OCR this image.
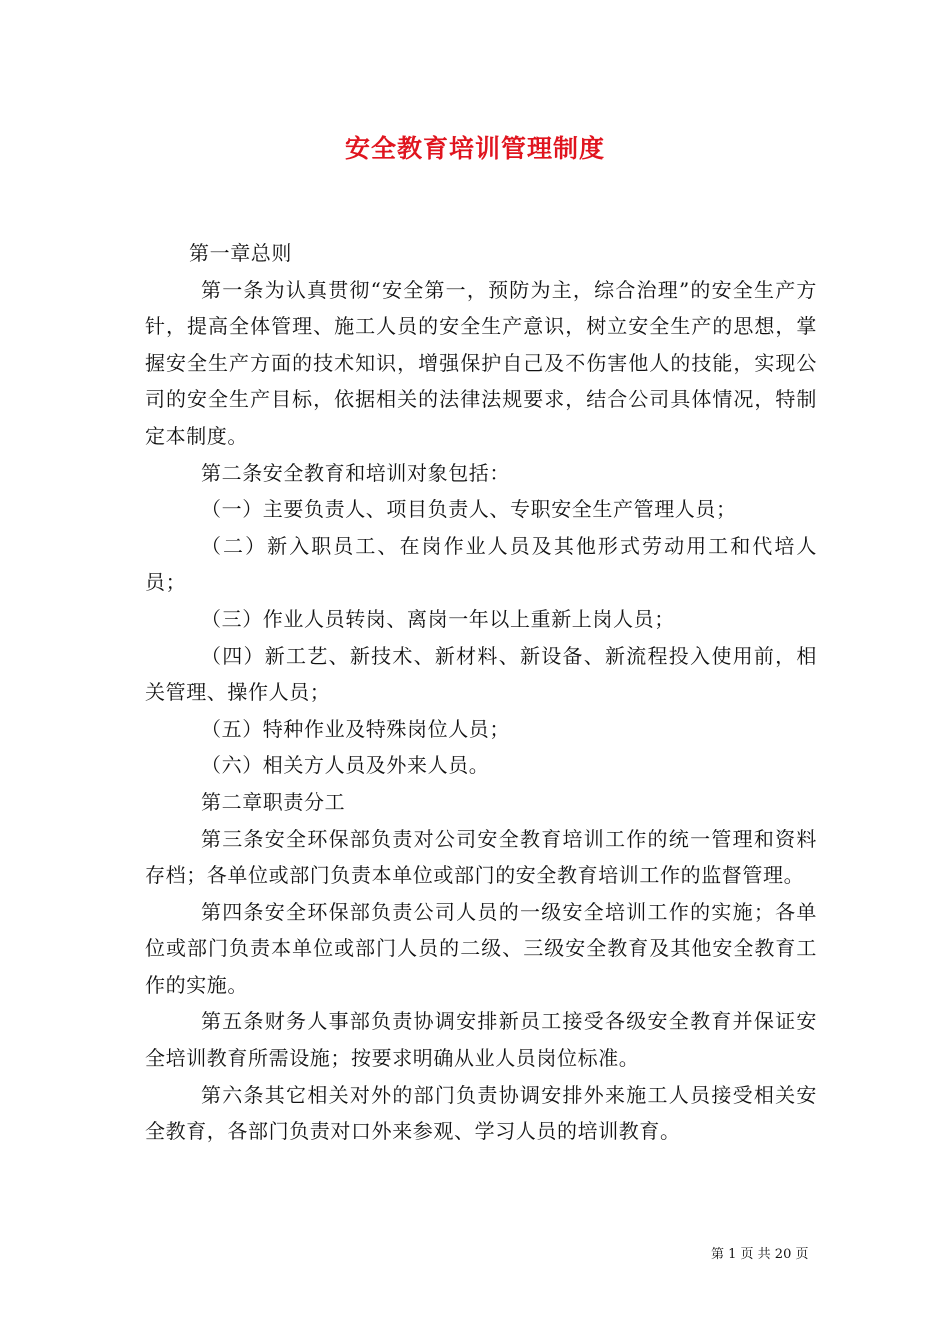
安全教育培训管理制度

第一章总则

第一条为认真贯彻“安全第一，预防为主，综合治理”的安全生产方针，提高全体管理、施工人员的安全生产意识，树立安全生产的思想，掌握安全生产方面的技术知识，增强保护自己及不伤害他人的技能，实现公司的安全生产目标，依据相关的法律法规要求，结合公司具体情况，特制定本制度。

第二条安全教育和培训对象包括：

（一）主要负责人、项目负责人、专职安全生产管理人员；

（二）新入职员工、在岗作业人员及其他形式劳动用工和代培人员；

（三）作业人员转岗、离岗一年以上重新上岗人员；

（四）新工艺、新技术、新材料、新设备、新流程投入使用前，相关管理、操作人员；

（五）特种作业及特殊岗位人员；

（六）相关方人员及外来人员。

第二章职责分工

第三条安全环保部负责对公司安全教育培训工作的统一管理和资料存档；各单位或部门负责本单位或部门的安全教育培训工作的监督管理。

第四条安全环保部负责公司人员的一级安全培训工作的实施；各单位或部门负责本单位或部门人员的二级、三级安全教育及其他安全教育工作的实施。

第五条财务人事部负责协调安排新员工接受各级安全教育并保证安全培训教育所需设施；按要求明确从业人员岗位标准。

第六条其它相关对外的部门负责协调安排外来施工人员接受相关安全教育，各部门负责对口外来参观、学习人员的培训教育。

第 1 页 共 20 页
